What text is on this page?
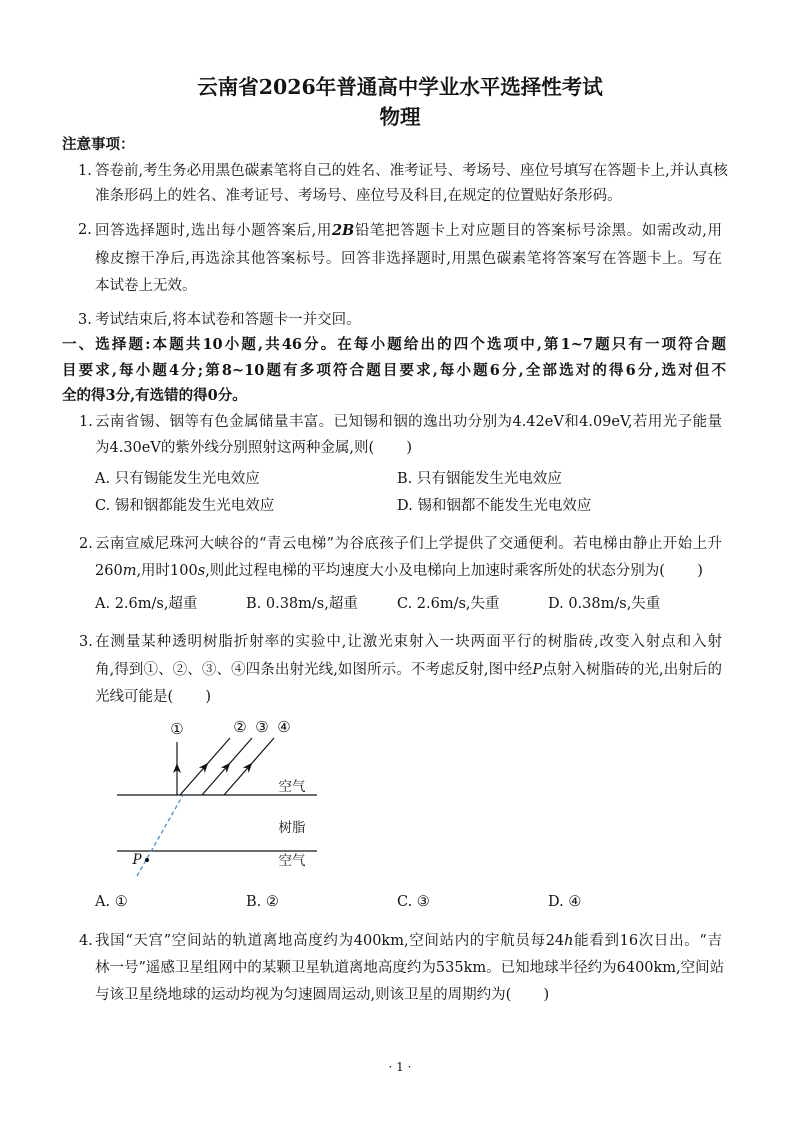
云南省2026年普通高中学业水平选择性考试
物理
注意事项：
1. 答卷前,考生务必用黑色碳素笔将自己的姓名、准考证号、考场号、座位号填写在答题卡上,并认真核
准条形码上的姓名、准考证号、考场号、座位号及科目,在规定的位置贴好条形码。
2. 回答选择题时,选出每小题答案后,用2B铅笔把答题卡上对应题目的答案标号涂黑。如需改动,用
橡皮擦干净后,再选涂其他答案标号。回答非选择题时,用黑色碳素笔将答案写在答题卡上。写在
本试卷上无效。
3. 考试结束后,将本试卷和答题卡一并交回。
一、选择题:本题共10小题,共46分。在每小题给出的四个选项中,第1~7题只有一项符合题
目要求,每小题4分;第8~10题有多项符合题目要求,每小题6分,全部选对的得6分,选对但不
全的得3分,有选错的得0分。
1. 云南省锡、铟等有色金属储量丰富。已知锡和铟的逸出功分别为4.42eV和4.09eV,若用光子能量
为4.30eV的紫外线分别照射这两种金属,则(       )
A. 只有锡能发生光电效应	B. 只有铟能发生光电效应
C. 锡和铟都能发生光电效应	D. 锡和铟都不能发生光电效应
2. 云南宣威尼珠河大峡谷的“青云电梯”为谷底孩子们上学提供了交通便利。若电梯由静止开始上升
260m,用时100s,则此过程电梯的平均速度大小及电梯向上加速时乘客所处的状态分别为(       )
A. 2.6m/s,超重	B. 0.38m/s,超重	C. 2.6m/s,失重	D. 0.38m/s,失重
3. 在测量某种透明树脂折射率的实验中,让激光束射入一块两面平行的树脂砖,改变入射点和入射
角,得到①、②、③、④四条出射光线,如图所示。不考虑反射,图中经P点射入树脂砖的光,出射后的
光线可能是(       )
①	② ③ ④
空气
树脂
空气
P
A. ①	B. ②	C. ③	D. ④
4. 我国“天宫”空间站的轨道离地高度约为400km,空间站内的宇航员每24h能看到16次日出。“吉
林一号”遥感卫星组网中的某颗卫星轨道离地高度约为535km。已知地球半径约为6400km,空间站
与该卫星绕地球的运动均视为匀速圆周运动,则该卫星的周期约为(       )
· 1 ·
